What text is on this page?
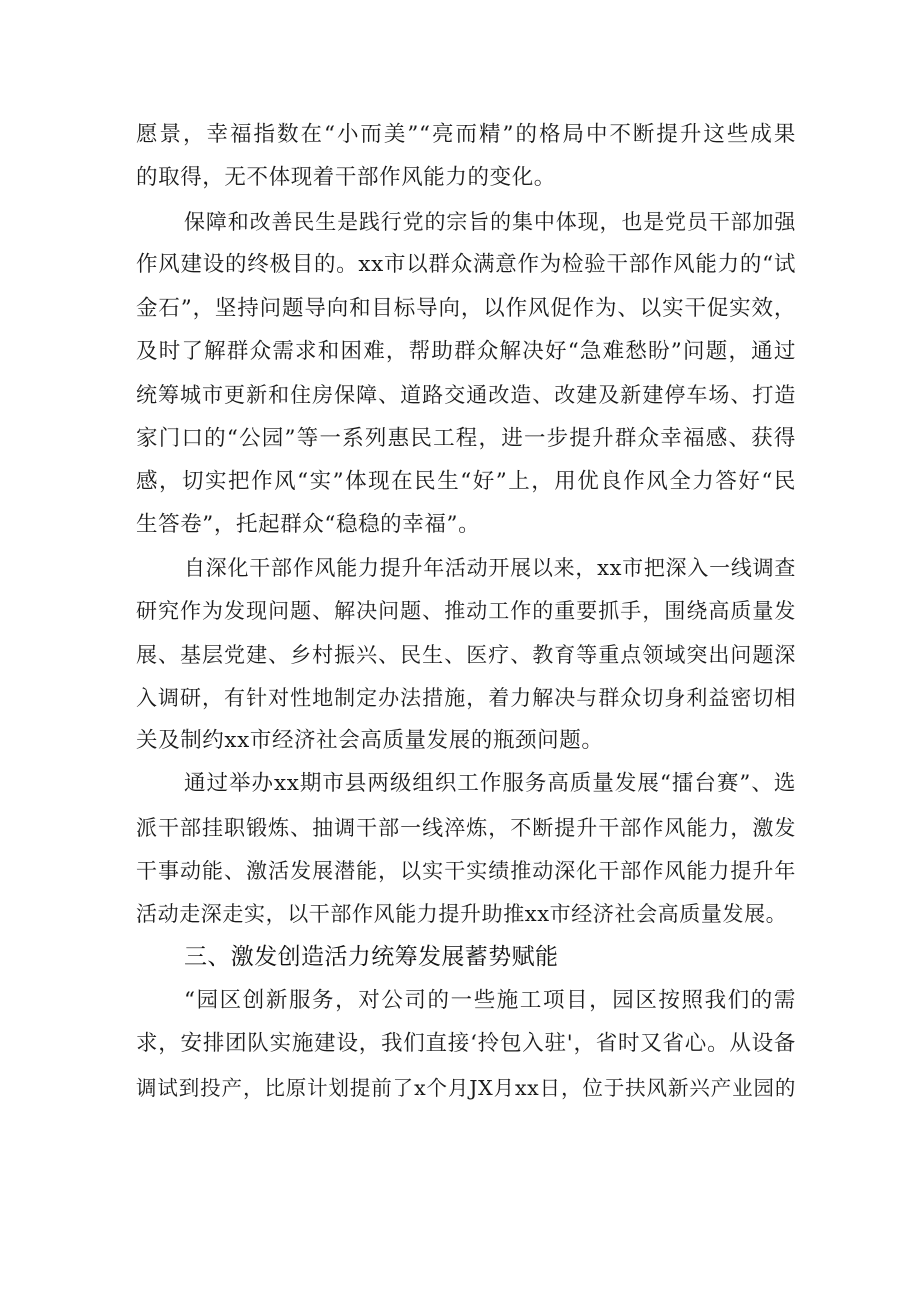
愿景，幸福指数在“小而美”“亮而精”的格局中不断提升这些成果
的取得，无不体现着干部作风能力的变化。
保障和改善民生是践行党的宗旨的集中体现，也是党员干部加强
作风建设的终极目的。xx市以群众满意作为检验干部作风能力的“试
金石”，坚持问题导向和目标导向，以作风促作为、以实干促实效，
及时了解群众需求和困难，帮助群众解决好“急难愁盼”问题，通过
统筹城市更新和住房保障、道路交通改造、改建及新建停车场、打造
家门口的“公园”等一系列惠民工程，进一步提升群众幸福感、获得
感，切实把作风“实”体现在民生“好”上，用优良作风全力答好“民
生答卷”，托起群众“稳稳的幸福”。
自深化干部作风能力提升年活动开展以来，xx市把深入一线调查
研究作为发现问题、解决问题、推动工作的重要抓手，围绕高质量发
展、基层党建、乡村振兴、民生、医疗、教育等重点领域突出问题深
入调研，有针对性地制定办法措施，着力解决与群众切身利益密切相
关及制约xx市经济社会高质量发展的瓶颈问题。
通过举办xx期市县两级组织工作服务高质量发展“擂台赛”、选
派干部挂职锻炼、抽调干部一线淬炼，不断提升干部作风能力，激发
干事动能、激活发展潜能，以实干实绩推动深化干部作风能力提升年
活动走深走实，以干部作风能力提升助推xx市经济社会高质量发展。
三、激发创造活力统筹发展蓄势赋能
“园区创新服务，对公司的一些施工项目，园区按照我们的需
求，安排团队实施建设，我们直接‘拎包入驻'，省时又省心。从设备
调试到投产，比原计划提前了x个月JX月xx日，位于扶风新兴产业园的
